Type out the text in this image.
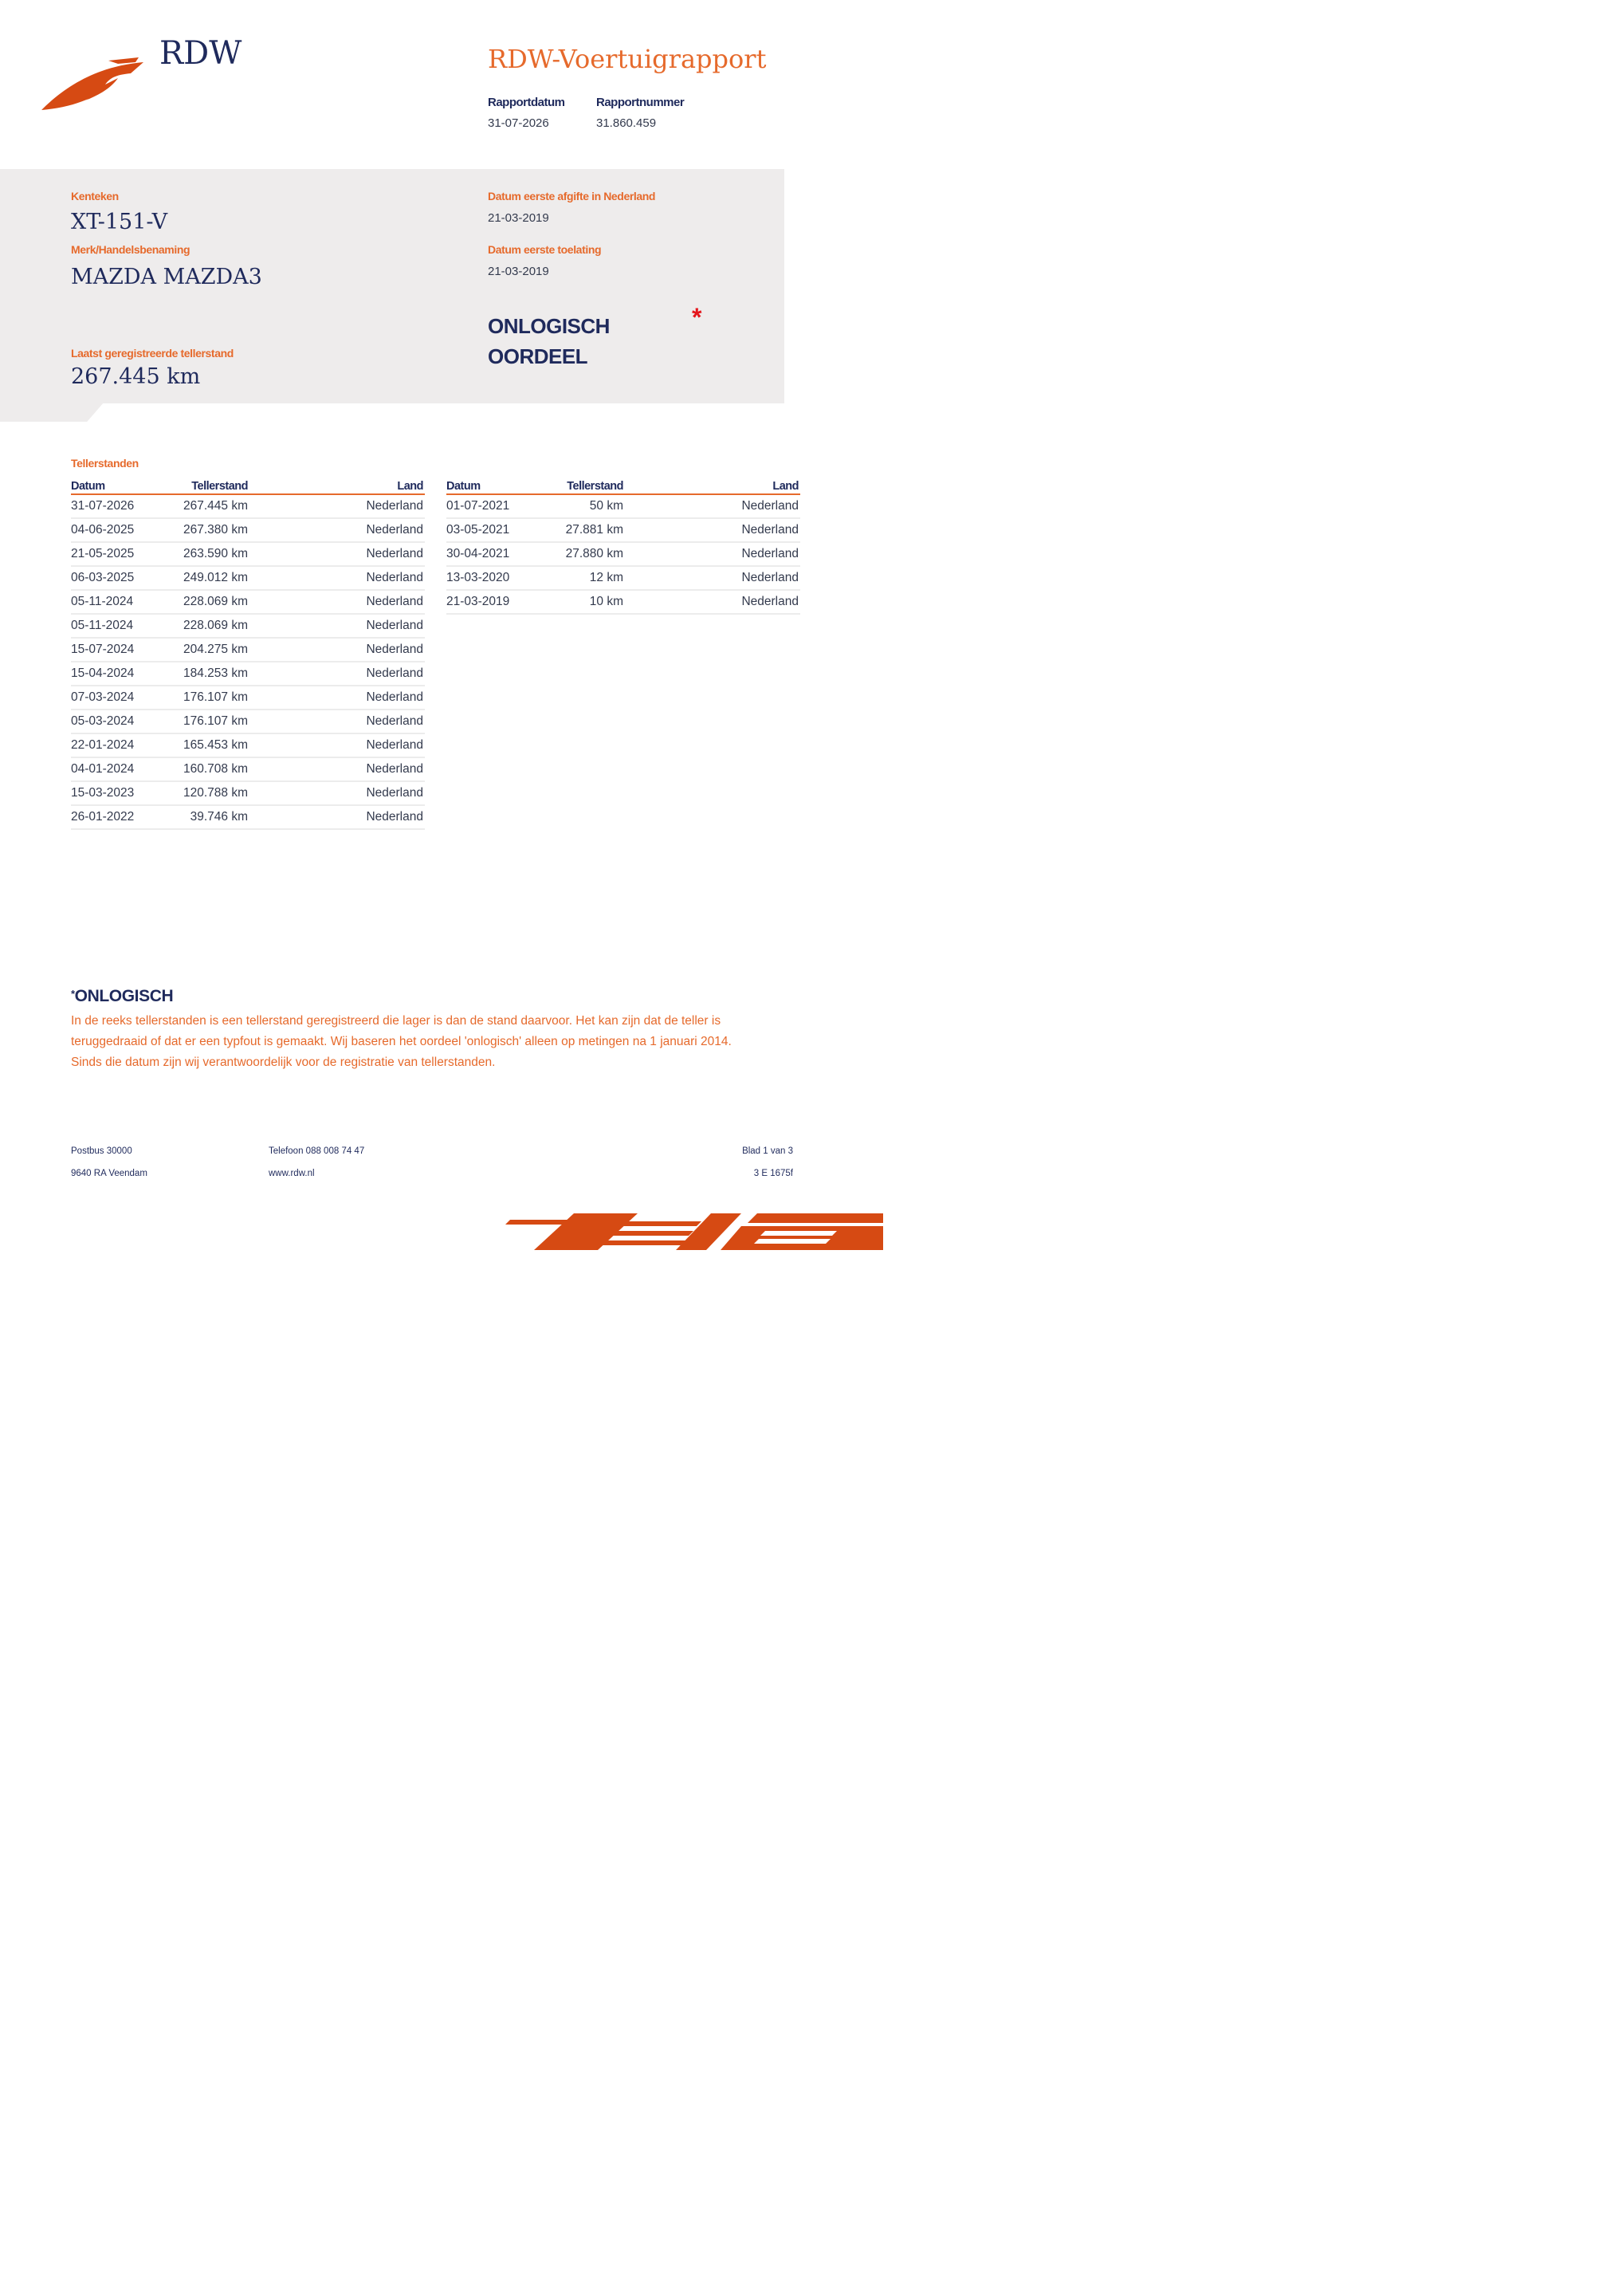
RDW	RDW-Voertuigrapport
Rapportdatum
31-07-2026
Rapportnummer
31.860.459
Kenteken
XT-151-V
Merk/Handelsbenaming
MAZDA MAZDA3
Laatst geregistreerde tellerstand
267.445 km
Datum eerste afgifte in Nederland
21-03-2019
Datum eerste toelating
21-03-2019
ONLOGISCH
OORDEEL
*
Tellerstanden
Datum	Tellerstand	Land
31-07-2026	267.445 km	Nederland
04-06-2025	267.380 km	Nederland
21-05-2025	263.590 km	Nederland
06-03-2025	249.012 km	Nederland
05-11-2024	228.069 km	Nederland
05-11-2024	228.069 km	Nederland
15-07-2024	204.275 km	Nederland
15-04-2024	184.253 km	Nederland
07-03-2024	176.107 km	Nederland
05-03-2024	176.107 km	Nederland
22-01-2024	165.453 km	Nederland
04-01-2024	160.708 km	Nederland
15-03-2023	120.788 km	Nederland
26-01-2022	39.746 km	Nederland
Datum	Tellerstand	Land
01-07-2021	50 km	Nederland
03-05-2021	27.881 km	Nederland
30-04-2021	27.880 km	Nederland
13-03-2020	12 km	Nederland
21-03-2019	10 km	Nederland
*ONLOGISCH
In de reeks tellerstanden is een tellerstand geregistreerd die lager is dan de stand daarvoor. Het kan zijn dat de teller is teruggedraaid of dat er een typfout is gemaakt. Wij baseren het oordeel 'onlogisch' alleen op metingen na 1 januari 2014. Sinds die datum zijn wij verantwoordelijk voor de registratie van tellerstanden.
Postbus 30000
9640 RA Veendam
Telefoon 088 008 74 47
www.rdw.nl
Blad 1 van 3
3 E 1675f
